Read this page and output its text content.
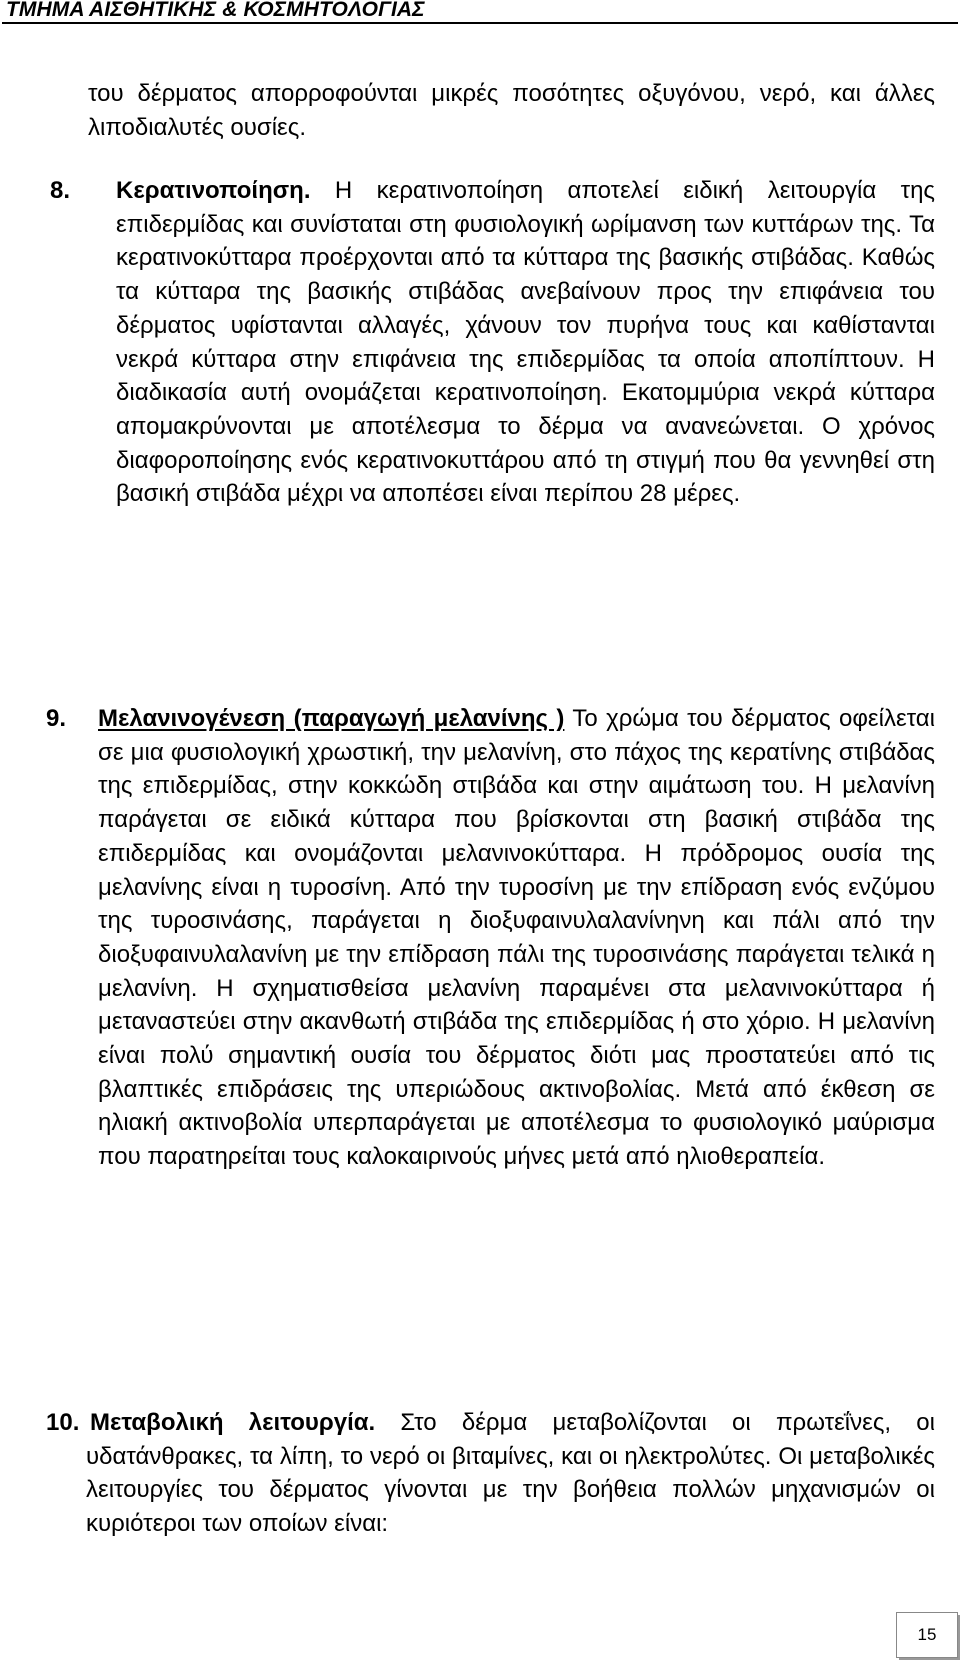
ΤΜΗΜΑ ΑΙΣΘΗΤΙΚΗΣ & ΚΟΣΜΗΤΟΛΟΓΙΑΣ
του δέρματος απορροφούνται μικρές ποσότητες οξυγόνου, νερό, και άλλες λιποδιαλυτές ουσίες.
8. Κερατινοποίηση. Η κερατινοποίηση αποτελεί ειδική λειτουργία της επιδερμίδας και συνίσταται στη φυσιολογική ωρίμανση των κυττάρων της. Τα κερατινοκύτταρα προέρχονται από τα κύτταρα της βασικής στιβάδας. Καθώς τα κύτταρα της βασικής στιβάδας ανεβαίνουν προς την επιφάνεια του δέρματος υφίστανται αλλαγές, χάνουν τον πυρήνα τους και καθίστανται νεκρά κύτταρα στην επιφάνεια της επιδερμίδας τα οποία αποπίπτουν. Η διαδικασία αυτή ονομάζεται κερατινοποίηση. Εκατομμύρια νεκρά κύτταρα απομακρύνονται με αποτέλεσμα το δέρμα να ανανεώνεται. Ο χρόνος διαφοροποίησης ενός κερατινοκυττάρου από τη στιγμή που θα γεννηθεί στη βασική στιβάδα μέχρι να αποπέσει είναι περίπου 28 μέρες.
9. Μελανινογένεση (παραγωγή μελανίνης ) Το χρώμα του δέρματος οφείλεται σε μια φυσιολογική χρωστική, την μελανίνη, στο πάχος της κερατίνης στιβάδας της επιδερμίδας, στην κοκκώδη στιβάδα και στην αιμάτωση του. Η μελανίνη παράγεται σε ειδικά κύτταρα που βρίσκονται στη βασική στιβάδα της επιδερμίδας και ονομάζονται μελανινοκύτταρα. Η πρόδρομος ουσία της μελανίνης είναι η τυροσίνη. Από την τυροσίνη με την επίδραση ενός ενζύμου της τυροσινάσης, παράγεται η διοξυφαινυλαλανίνηνη και πάλι από την διοξυφαινυλαλανίνη με την επίδραση πάλι της τυροσινάσης παράγεται τελικά η μελανίνη. Η σχηματισθείσα μελανίνη παραμένει στα μελανινοκύτταρα ή μεταναστεύει στην ακανθωτή στιβάδα της επιδερμίδας ή στο χόριο. Η μελανίνη είναι πολύ σημαντική ουσία του δέρματος διότι μας προστατεύει από τις βλαπτικές επιδράσεις της υπεριώδους ακτινοβολίας. Μετά από έκθεση σε ηλιακή ακτινοβολία υπερπαράγεται με αποτέλεσμα το φυσιολογικό μαύρισμα που παρατηρείται τους καλοκαιρινούς μήνες μετά από ηλιοθεραπεία.
10. Μεταβολική λειτουργία. Στο δέρμα μεταβολίζονται οι πρωτεΐνες, οι υδατάνθρακες, τα λίπη, το νερό οι βιταμίνες, και οι ηλεκτρολύτες. Οι μεταβολικές λειτουργίες του δέρματος γίνονται με την βοήθεια πολλών μηχανισμών οι κυριότεροι των οποίων είναι:
15
